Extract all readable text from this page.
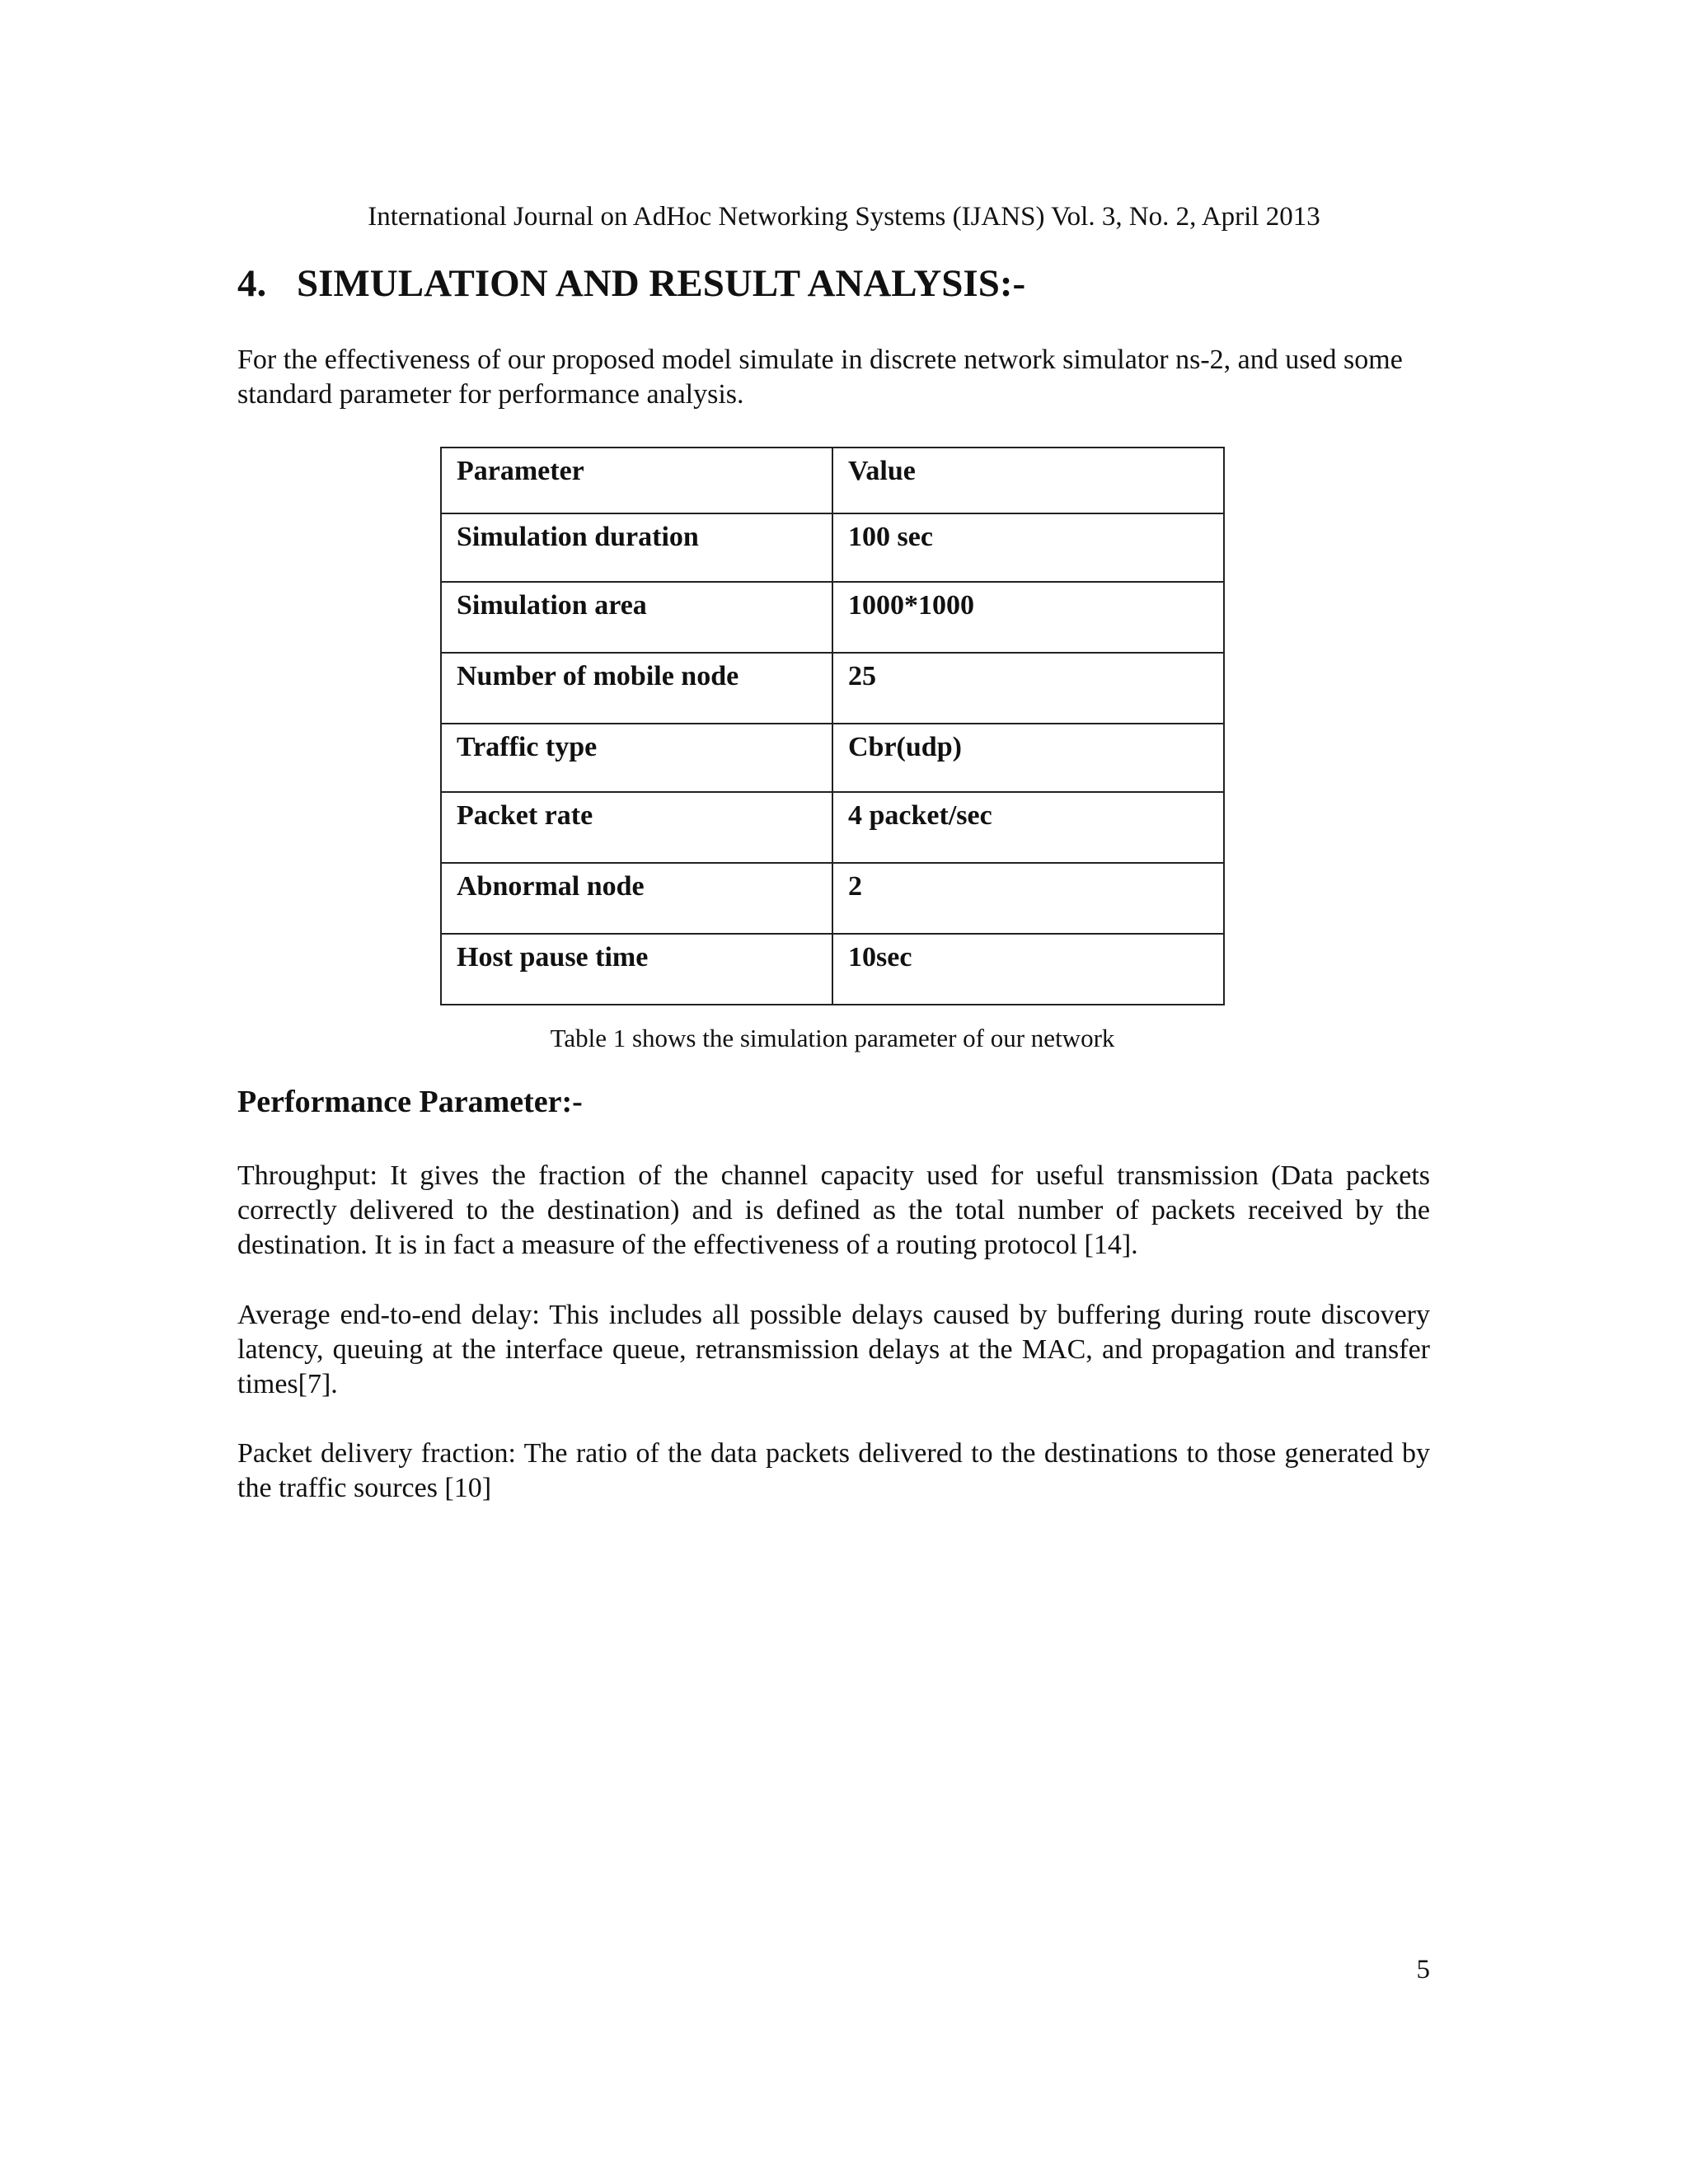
International Journal on AdHoc Networking Systems (IJANS) Vol. 3, No. 2, April 2013
4. SIMULATION AND RESULT ANALYSIS:-

For the effectiveness of our proposed model simulate in discrete network simulator ns-2, and used some standard parameter for performance analysis.

Parameter	Value
Simulation duration	100 sec
Simulation area	1000*1000
Number of mobile node	25
Traffic type	Cbr(udp)
Packet rate	4 packet/sec
Abnormal node	2
Host pause time	10sec
Table 1 shows the simulation parameter of our network
Performance Parameter:-

Throughput: It gives the fraction of the channel capacity used for useful transmission (Data packets correctly delivered to the destination) and is defined as the total number of packets received by the destination. It is in fact a measure of the effectiveness of a routing protocol [14].

Average end-to-end delay: This includes all possible delays caused by buffering during route discovery latency, queuing at the interface queue, retransmission delays at the MAC, and propagation and transfer times[7].

Packet delivery fraction: The ratio of the data packets delivered to the destinations to those generated by the traffic sources [10]

5
